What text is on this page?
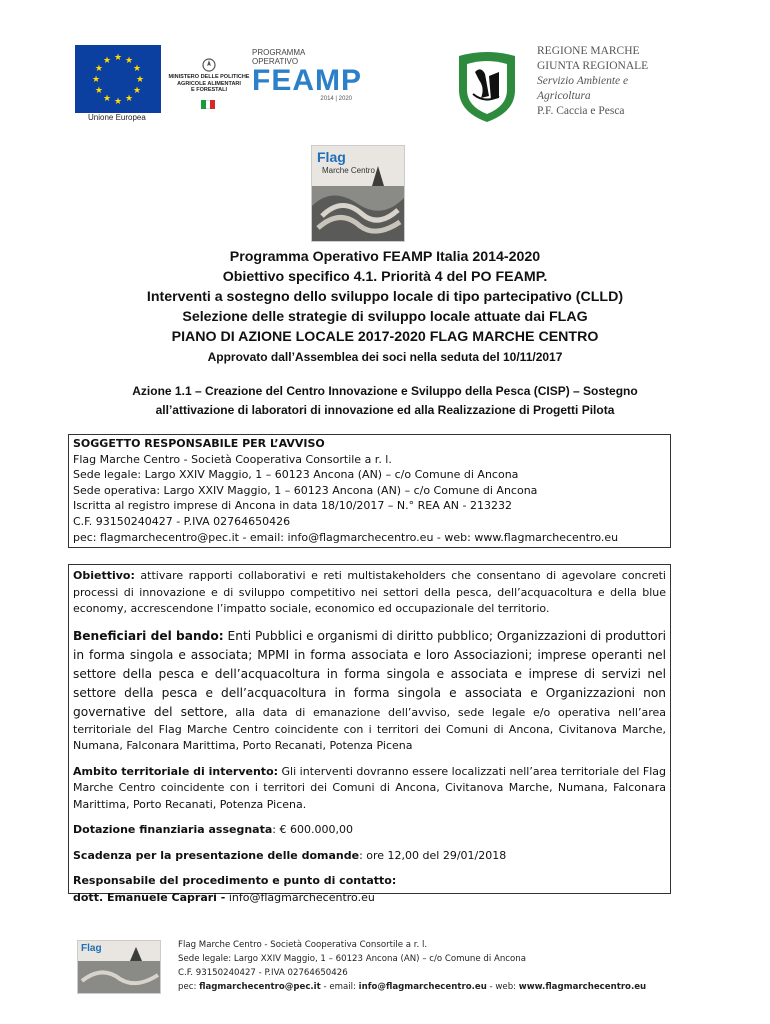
★
★
★
★
★
★
★
★
★ ★ ★
★
Unione Europea
MINISTERO DELLE POLITICHE
AGRICOLE ALIMENTARI
E FORESTALI
PROGRAMMA OPERATIVO
FEAMP
2014 | 2020
REGIONE MARCHE
GIUNTA REGIONALE
Servizio Ambiente e
Agricoltura
P.F. Caccia e Pesca
Flag
Marche Centro
Programma Operativo FEAMP Italia 2014-2020
Obiettivo specifico 4.1. Priorità 4 del PO FEAMP.
Interventi a sostegno dello sviluppo locale di tipo partecipativo (CLLD)
Selezione delle strategie di sviluppo locale attuate dai FLAG
PIANO DI AZIONE LOCALE 2017-2020 FLAG MARCHE CENTRO
Approvato dall’Assemblea dei soci nella seduta del 10/11/2017
Azione 1.1 – Creazione del Centro Innovazione e Sviluppo della Pesca (CISP) – Sostegno
all’attivazione di laboratori di innovazione ed alla Realizzazione di Progetti Pilota
SOGGETTO RESPONSABILE PER L’AVVISO
Flag Marche Centro - Società Cooperativa Consortile a r. l.
Sede legale: Largo XXIV Maggio, 1 – 60123 Ancona (AN) – c/o Comune di Ancona
Sede operativa: Largo XXIV Maggio, 1 – 60123 Ancona (AN) – c/o Comune di Ancona
Iscritta al registro imprese di Ancona in data 18/10/2017 – N.° REA AN - 213232
C.F. 93150240427 - P.IVA 02764650426
pec: flagmarchecentro@pec.it - email: info@flagmarchecentro.eu - web: www.flagmarchecentro.eu

Obiettivo: attivare rapporti collaborativi e reti multistakeholders che consentano di agevolare concreti processi di innovazione e di sviluppo competitivo nei settori della pesca, dell’acquacoltura e della blue economy, accrescendone l’impatto sociale, economico ed occupazionale del territorio.

Beneficiari del bando: Enti Pubblici e organismi di diritto pubblico; Organizzazioni di produttori in forma singola e associata; MPMI in forma associata e loro Associazioni; imprese operanti nel settore della pesca e dell’acquacoltura in forma singola e associata e imprese di servizi nel settore della pesca e dell’acquacoltura in forma singola e associata e Organizzazioni non governative del settore, alla data di emanazione dell’avviso, sede legale e/o operativa nell’area territoriale del Flag Marche Centro coincidente con i territori dei Comuni di Ancona, Civitanova Marche, Numana, Falconara Marittima, Porto Recanati, Potenza Picena

Ambito territoriale di intervento: Gli interventi dovranno essere localizzati nell’area territoriale del Flag Marche Centro coincidente con i territori dei Comuni di Ancona, Civitanova Marche, Numana, Falconara Marittima, Porto Recanati, Potenza Picena.

Dotazione finanziaria assegnata: € 600.000,00

Scadenza per la presentazione delle domande: ore 12,00 del 29/01/2018

Responsabile del procedimento e punto di contatto:
dott. Emanuele Caprari - info@flagmarchecentro.eu

Flag	Flag Marche Centro - Società Cooperativa Consortile a r. l.
Sede legale: Largo XXIV Maggio, 1 – 60123 Ancona (AN) – c/o Comune di Ancona
C.F. 93150240427 - P.IVA 02764650426
pec: flagmarchecentro@pec.it - email: info@flagmarchecentro.eu - web: www.flagmarchecentro.eu
